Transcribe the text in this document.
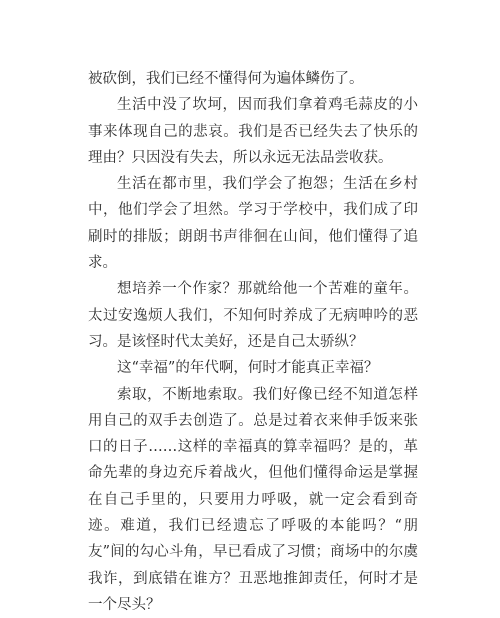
被砍倒，我们已经不懂得何为遍体鳞伤了。

生活中没了坎坷，因而我们拿着鸡毛蒜皮的小事来体现自己的悲哀。我们是否已经失去了快乐的理由？只因没有失去，所以永远无法品尝收获。

生活在都市里，我们学会了抱怨；生活在乡村中，他们学会了坦然。学习于学校中，我们成了印刷时的排版；朗朗书声徘徊在山间，他们懂得了追求。

想培养一个作家？那就给他一个苦难的童年。太过安逸烦人我们，不知何时养成了无病呻吟的恶习。是该怪时代太美好，还是自己太骄纵？

这“幸福”的年代啊，何时才能真正幸福？

索取，不断地索取。我们好像已经不知道怎样用自己的双手去创造了。总是过着衣来伸手饭来张口的日子……这样的幸福真的算幸福吗？是的，革命先辈的身边充斥着战火，但他们懂得命运是掌握在自己手里的，只要用力呼吸，就一定会看到奇迹。难道，我们已经遗忘了呼吸的本能吗？“朋友”间的勾心斗角，早已看成了习惯；商场中的尔虞我诈，到底错在谁方？丑恶地推卸责任，何时才是一个尽头？
